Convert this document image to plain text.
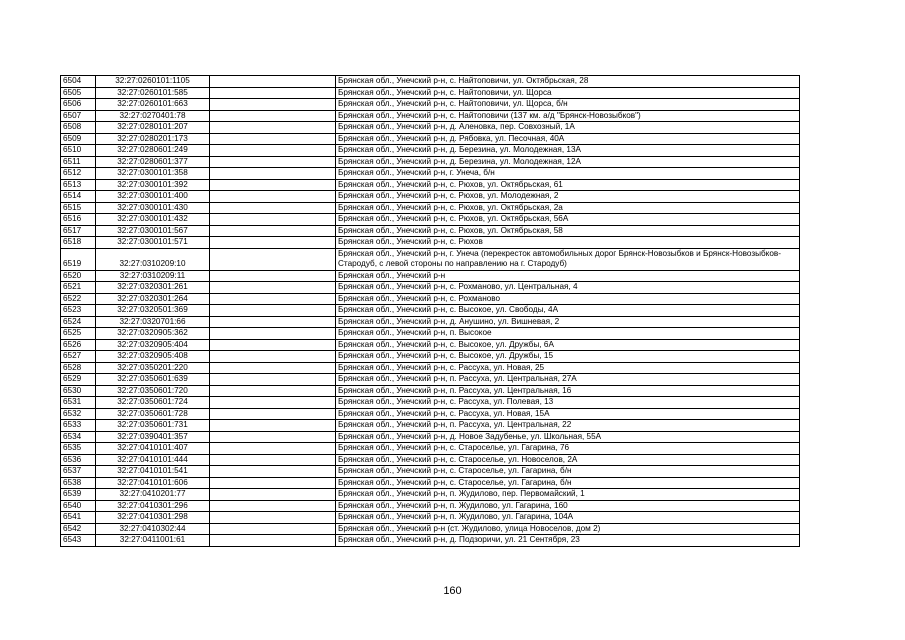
6504	32:27:0260101:1105		Брянская обл., Унечский р-н, с. Найтоповичи, ул. Октябрьская, 28
6505	32:27:0260101:585		Брянская обл., Унечский р-н, с. Найтоповичи, ул. Щорса
6506	32:27:0260101:663		Брянская обл., Унечский р-н, с. Найтоповичи, ул. Щорса, б/н
6507	32:27:0270401:78		Брянская обл., Унечский р-н, с. Найтоповичи (137 км. а/д "Брянск-Новозыбков")
6508	32:27:0280101:207		Брянская обл., Унечский р-н, д. Аленовка, пер. Совхозный, 1А
6509	32:27:0280201:173		Брянская обл., Унечский р-н, д. Рябовка, ул. Песочная, 40А
6510	32:27:0280601:249		Брянская обл., Унечский р-н, д. Березина, ул. Молодежная, 13А
6511	32:27:0280601:377		Брянская обл., Унечский р-н, д. Березина, ул. Молодежная, 12А
6512	32:27:0300101:358		Брянская обл., Унечский р-н, г. Унеча, б/н
6513	32:27:0300101:392		Брянская обл., Унечский р-н, с. Рюхов, ул. Октябрьская, 61
6514	32:27:0300101:400		Брянская обл., Унечский р-н, с. Рюхов, ул. Молодежная, 2
6515	32:27:0300101:430		Брянская обл., Унечский р-н, с. Рюхов, ул. Октябрьская, 2а
6516	32:27:0300101:432		Брянская обл., Унечский р-н, с. Рюхов, ул. Октябрьская, 56А
6517	32:27:0300101:567		Брянская обл., Унечский р-н, с. Рюхов, ул. Октябрьская, 58
6518	32:27:0300101:571		Брянская обл., Унечский р-н, с. Рюхов
6519	32:27:0310209:10		Брянская обл., Унечский р-н, г. Унеча (перекресток автомобильных дорог Брянск-Новозыбков и Брянск-Новозыбков-Стародуб, с левой стороны по направлению на г. Стародуб)
6520	32:27:0310209:11		Брянская обл., Унечский р-н
6521	32:27:0320301:261		Брянская обл., Унечский р-н, с. Рохманово, ул. Центральная, 4
6522	32:27:0320301:264		Брянская обл., Унечский р-н, с. Рохманово
6523	32:27:0320501:369		Брянская обл., Унечский р-н, с. Высокое, ул. Свободы, 4А
6524	32:27:0320701:66		Брянская обл., Унечский р-н, д. Анушино, ул. Вишневая, 2
6525	32:27:0320905:362		Брянская обл., Унечский р-н, п. Высокое
6526	32:27:0320905:404		Брянская обл., Унечский р-н, с. Высокое, ул. Дружбы, 6А
6527	32:27:0320905:408		Брянская обл., Унечский р-н, с. Высокое, ул. Дружбы, 15
6528	32:27:0350201:220		Брянская обл., Унечский р-н, с. Рассуха, ул. Новая, 25
6529	32:27:0350601:639		Брянская обл., Унечский р-н, п. Рассуха, ул. Центральная, 27А
6530	32:27:0350601:720		Брянская обл., Унечский р-н, п. Рассуха, ул. Центральная, 16
6531	32:27:0350601:724		Брянская обл., Унечский р-н, с. Рассуха, ул. Полевая, 13
6532	32:27:0350601:728		Брянская обл., Унечский р-н, с. Рассуха, ул. Новая, 15А
6533	32:27:0350601:731		Брянская обл., Унечский р-н, п. Рассуха, ул. Центральная, 22
6534	32:27:0390401:357		Брянская обл., Унечский р-н, д. Новое Задубенье, ул. Школьная, 55А
6535	32:27:0410101:407		Брянская обл., Унечский р-н, с. Староселье, ул. Гагарина, 76
6536	32:27:0410101:444		Брянская обл., Унечский р-н, с. Староселье, ул. Новоселов, 2А
6537	32:27:0410101:541		Брянская обл., Унечский р-н, с. Староселье, ул. Гагарина, б/н
6538	32:27:0410101:606		Брянская обл., Унечский р-н, с. Староселье, ул. Гагарина, б/н
6539	32:27:0410201:77		Брянская обл., Унечский р-н, п. Жудилово, пер. Первомайский, 1
6540	32:27:0410301:296		Брянская обл., Унечский р-н, п. Жудилово, ул. Гагарина, 160
6541	32:27:0410301:298		Брянская обл., Унечский р-н, п. Жудилово, ул. Гагарина, 104А
6542	32:27:0410302:44		Брянская обл., Унечский р-н (ст. Жудилово, улица Новоселов, дом 2)
6543	32:27:0411001:61		Брянская обл., Унечский р-н, д. Подзоричи, ул. 21 Сентября, 23
160
